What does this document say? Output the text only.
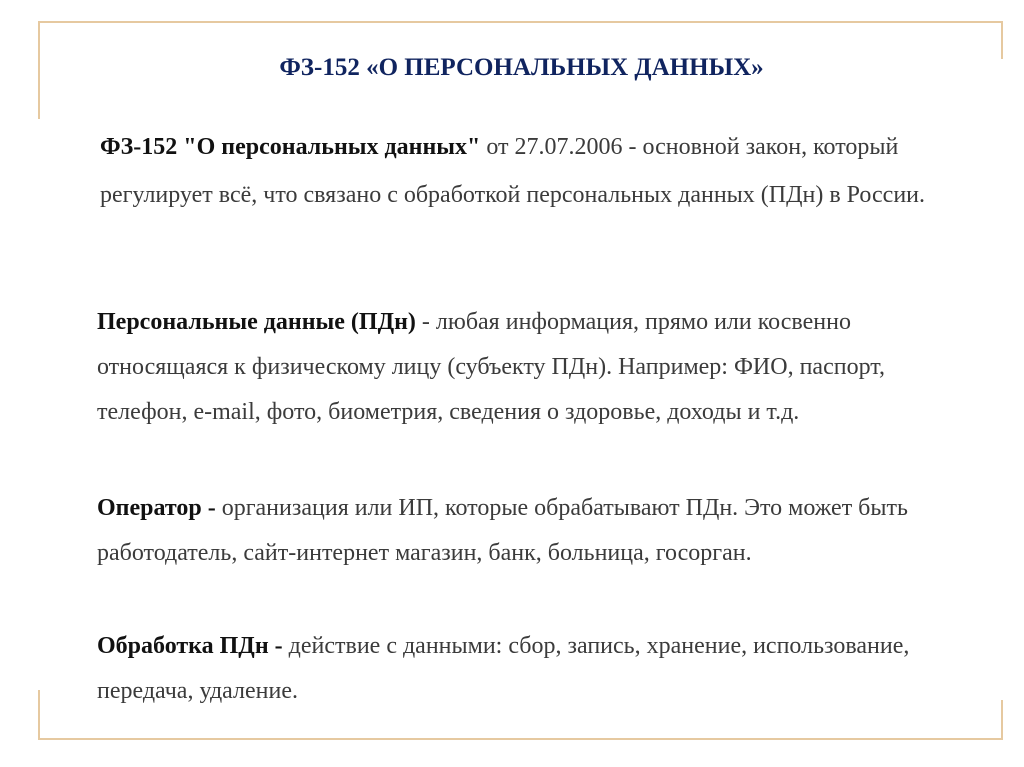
ФЗ-152 «О ПЕРСОНАЛЬНЫХ ДАННЫХ»
ФЗ-152 "О персональных данных" от 27.07.2006 - основной закон, который регулирует всё, что связано с обработкой персональных данных (ПДн) в России.
Персональные данные (ПДн) - любая информация, прямо или косвенно относящаяся к физическому лицу (субъекту ПДн). Например: ФИО, паспорт, телефон, e-mail, фото, биометрия, сведения о здоровье, доходы и т.д.
Оператор - организация или ИП, которые обрабатывают ПДн. Это может быть работодатель, сайт-интернет магазин, банк, больница, госорган.
Обработка ПДн - действие с данными: сбор, запись, хранение, использование, передача, удаление.
